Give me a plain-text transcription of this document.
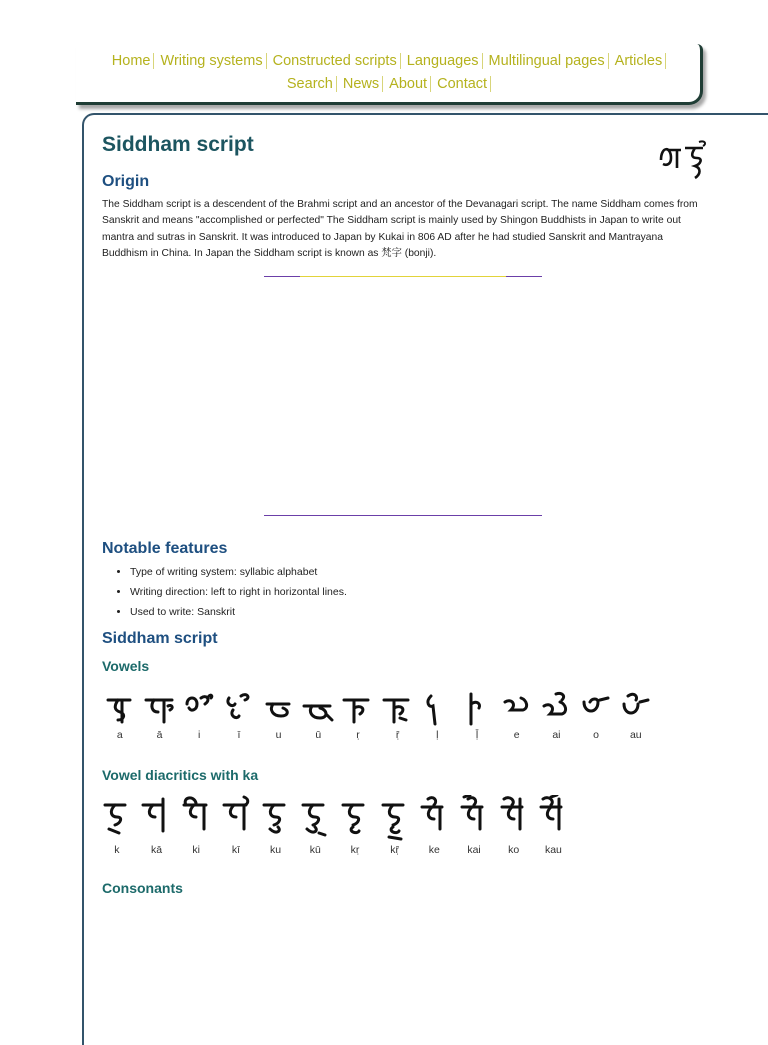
Home Writing systems Constructed scripts Languages Multilingual pages Articles
Search News About Contact
Siddham script
Origin

The Siddham script is a descendent of the Brahmi script and an ancestor of the Devanagari script. The name Siddham comes from Sanskrit and means "accomplished or perfected" The Siddham script is mainly used by Shingon Buddhists in Japan to write out mantra and sutras in Sanskrit. It was introduced to Japan by Kukai in 806 AD after he had studied Sanskrit and Mantrayana Buddhism in China. In Japan the Siddham script is known as 梵字 (bonji).

Notable features
• Type of writing system: syllabic alphabet
• Writing direction: left to right in horizontal lines.
• Used to write: Sanskrit
Siddham script
Vowels
a	ā	i	ī	u	ū	ṛ	ṝ	ḷ	ḹ	e	ai	o	au
Vowel diacritics with ka
k	kā	ki	kī	ku	kū	kṛ	kṝ	ke	kai	ko	kau
Consonants
